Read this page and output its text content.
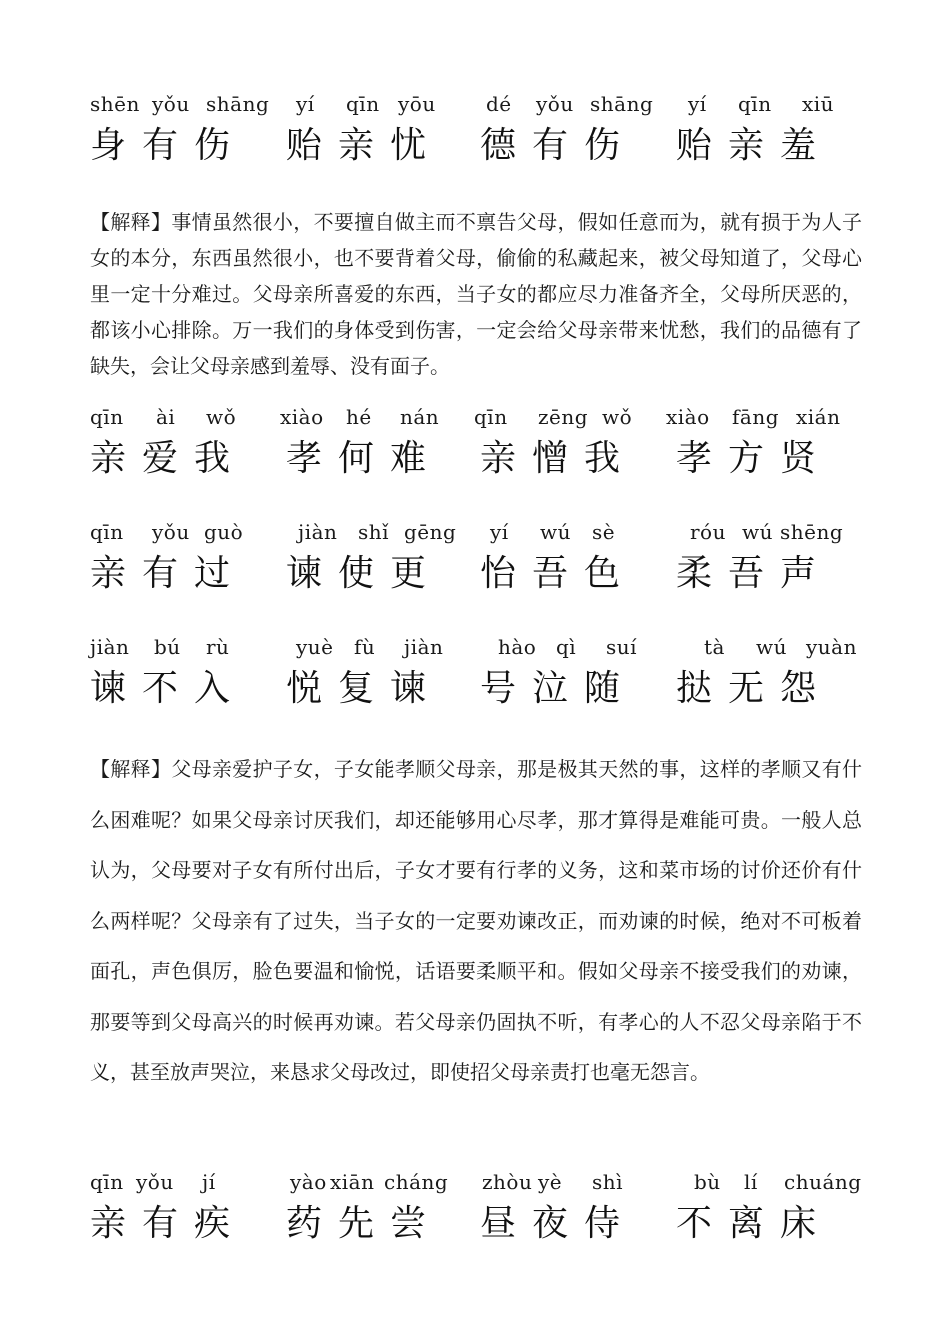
shēn yǒu shāng
身 有 伤
yí qīn yōu
贻 亲 忧
dé yǒu shāng
德 有 伤
yí qīn xiū
贻 亲 羞

【解释】事情虽然很小，不要擅自做主而不禀告父母，假如任意而为，就有损于为人子女的本分，东西虽然很小，也不要背着父母，偷偷的私藏起来，被父母知道了，父母心里一定十分难过。父母亲所喜爱的东西，当子女的都应尽力准备齐全，父母所厌恶的，都该小心排除。万一我们的身体受到伤害，一定会给父母亲带来忧愁，我们的品德有了缺失，会让父母亲感到羞辱、没有面子。

qīn ài wǒ
亲 爱 我
xiào hé nán
孝 何 难
qīn zēng wǒ
亲 憎 我
xiào fāng xián
孝 方 贤
qīn yǒu guò
亲 有 过
jiàn shǐ gēng
谏 使 更
yí wú sè
怡 吾 色
róu wú shēng
柔 吾 声
jiàn bú rù
谏 不 入
yuè fù jiàn
悦 复 谏
hào qì suí
号 泣 随
tà wú yuàn
挞 无 怨

【解释】父母亲爱护子女，子女能孝顺父母亲，那是极其天然的事，这样的孝顺又有什么困难呢？如果父母亲讨厌我们，却还能够用心尽孝，那才算得是难能可贵。一般人总认为，父母要对子女有所付出后，子女才要有行孝的义务，这和菜市场的讨价还价有什么两样呢？父母亲有了过失，当子女的一定要劝谏改正，而劝谏的时候，绝对不可板着面孔，声色俱厉，脸色要温和愉悦，话语要柔顺平和。假如父母亲不接受我们的劝谏，那要等到父母高兴的时候再劝谏。若父母亲仍固执不听，有孝心的人不忍父母亲陷于不义，甚至放声哭泣，来恳求父母改过，即使招父母亲责打也毫无怨言。

qīn yǒu jí
亲 有 疾
yào xiān cháng
药 先 尝
zhòu yè shì
昼 夜 侍
bù lí chuáng
不 离 床
